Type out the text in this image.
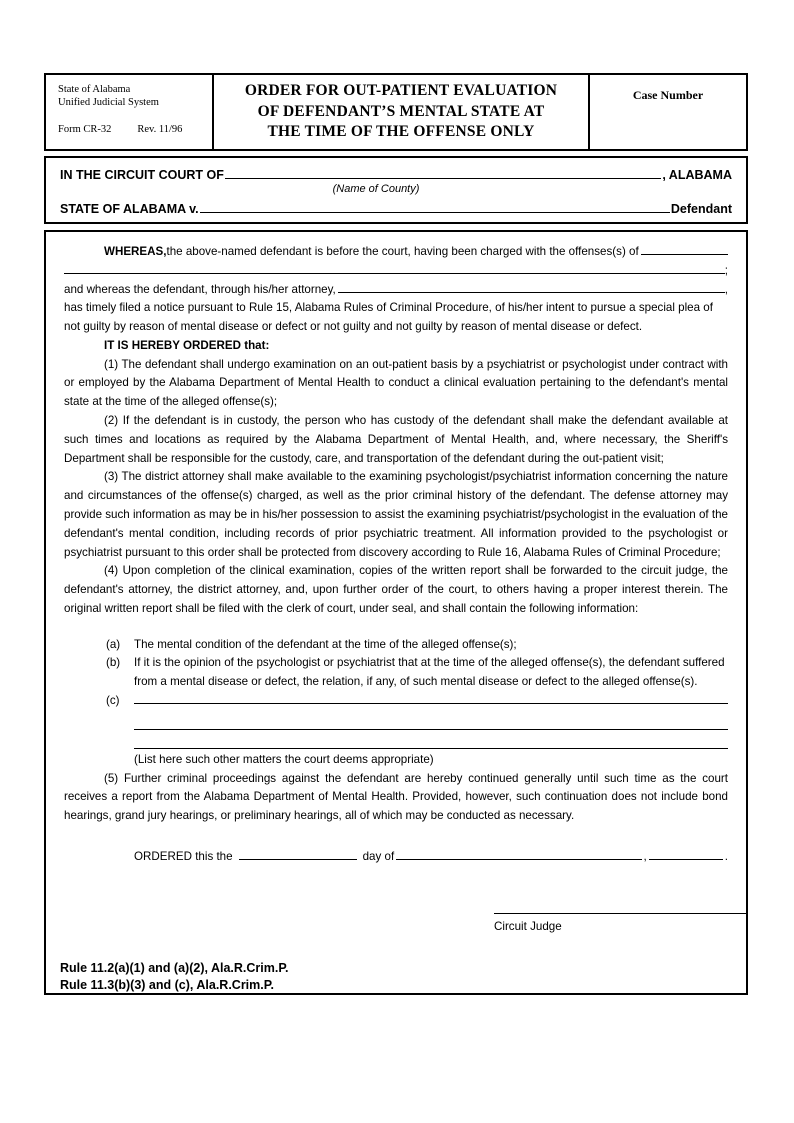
State of Alabama
Unified Judicial System
Form CR-32 Rev. 11/96
ORDER FOR OUT-PATIENT EVALUATION
OF DEFENDANT’S MENTAL STATE AT
THE TIME OF THE OFFENSE ONLY
Case Number
IN THE CIRCUIT COURT OF	, ALABAMA
(Name of County)
STATE OF ALABAMA v.	Defendant
WHEREAS, the above-named defendant is before the court, having been charged with the offenses(s) of
;
and whereas the defendant, through his/her attorney,	,

has timely filed a notice pursuant to Rule 15, Alabama Rules of Criminal Procedure, of his/her intent to pursue a special plea of not guilty by reason of mental disease or defect or not guilty and not guilty by reason of mental disease or defect.

IT IS HEREBY ORDERED that:

(1) The defendant shall undergo examination on an out-patient basis by a psychiatrist or psychologist under contract with or employed by the Alabama Department of Mental Health to conduct a clinical evaluation pertaining to the defendant's mental state at the time of the alleged offense(s);

(2) If the defendant is in custody, the person who has custody of the defendant shall make the defendant available at such times and locations as required by the Alabama Department of Mental Health, and, where necessary, the Sheriff's Department shall be responsible for the custody, care, and transportation of the defendant during the out-patient visit;

(3) The district attorney shall make available to the examining psychologist/psychiatrist information concerning the nature and circumstances of the offense(s) charged, as well as the prior criminal history of the defendant. The defense attorney may provide such information as may be in his/her possession to assist the examining psychiatrist/psychologist in the evaluation of the defendant's mental condition, including records of prior psychiatric treatment. All information provided to the psychologist or psychiatrist pursuant to this order shall be protected from discovery according to Rule 16, Alabama Rules of Criminal Procedure;

(4) Upon completion of the clinical examination, copies of the written report shall be forwarded to the circuit judge, the defendant's attorney, the district attorney, and, upon further order of the court, to others having a proper interest therein. The original written report shall be filed with the clerk of court, under seal, and shall contain the following information:

(a)	The mental condition of the defendant at the time of the alleged offense(s);
(b)	If it is the opinion of the psychologist or psychiatrist that at the time of the alleged offense(s), the defendant suffered from a mental disease or defect, the relation, if any, of such mental disease or defect to the alleged offense(s).
(c)
(List here such other matters the court deems appropriate)

(5) Further criminal proceedings against the defendant are hereby continued generally until such time as the court receives a report from the Alabama Department of Mental Health. Provided, however, such continuation does not include bond hearings, grand jury hearings, or preliminary hearings, all of which may be conducted as necessary.

ORDERED this the	day of	,	.
Circuit Judge
Rule 11.2(a)(1) and (a)(2), Ala.R.Crim.P.
Rule 11.3(b)(3) and (c), Ala.R.Crim.P.
